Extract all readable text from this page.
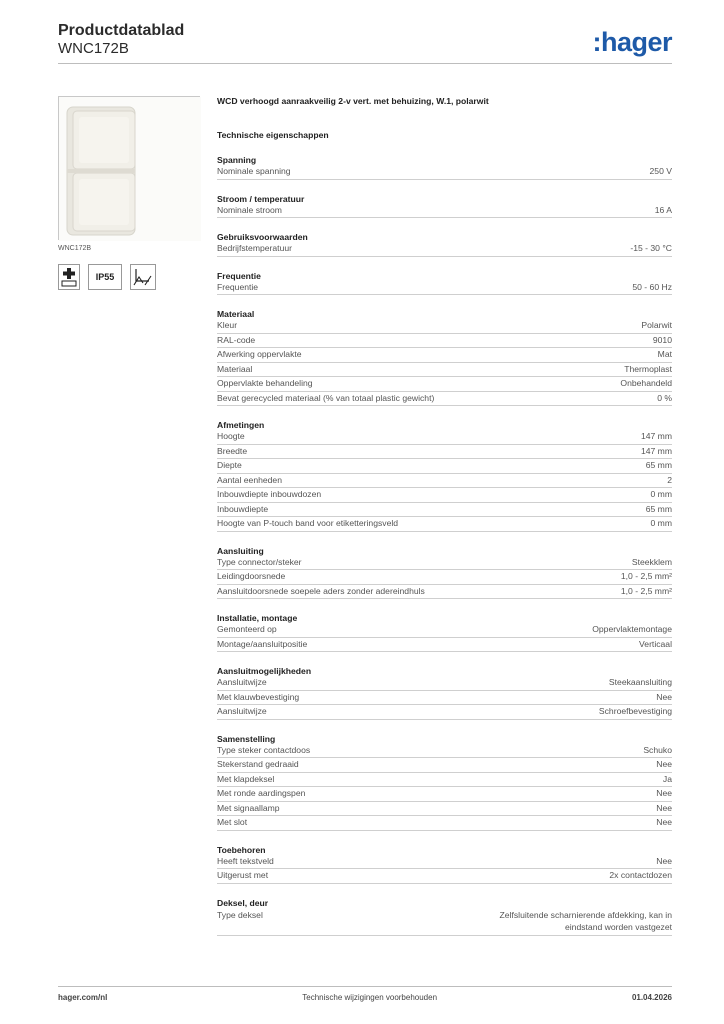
Productdatablad
WNC172B	:hager
WNC172B
IP55
WCD verhoogd aanraakveilig 2-v vert. met behuizing, W.1, polarwit
Technische eigenschappen
Spanning
Nominale spanning	250 V
Stroom / temperatuur
Nominale stroom	16 A
Gebruiksvoorwaarden
Bedrijfstemperatuur	-15 - 30 °C
Frequentie
Frequentie	50 - 60 Hz
Materiaal
Kleur	Polarwit
RAL-code	9010
Afwerking oppervlakte	Mat
Materiaal	Thermoplast
Oppervlakte behandeling	Onbehandeld
Bevat gerecycled materiaal (% van totaal plastic gewicht)	0 %
Afmetingen
Hoogte	147 mm
Breedte	147 mm
Diepte	65 mm
Aantal eenheden	2
Inbouwdiepte inbouwdozen	0 mm
Inbouwdiepte	65 mm
Hoogte van P-touch band voor etiketteringsveld	0 mm
Aansluiting
Type connector/steker	Steekklem
Leidingdoorsnede	1,0 - 2,5 mm²
Aansluitdoorsnede soepele aders zonder adereindhuls	1,0 - 2,5 mm²
Installatie, montage
Gemonteerd op	Oppervlaktemontage
Montage/aansluitpositie	Verticaal
Aansluitmogelijkheden
Aansluitwijze	Steekaansluiting
Met klauwbevestiging	Nee
Aansluitwijze	Schroefbevestiging
Samenstelling
Type steker contactdoos	Schuko
Stekerstand gedraaid	Nee
Met klapdeksel	Ja
Met ronde aardingspen	Nee
Met signaallamp	Nee
Met slot	Nee
Toebehoren
Heeft tekstveld	Nee
Uitgerust met	2x contactdozen
Deksel, deur
Type deksel	Zelfsluitende scharnierende afdekking, kan in
eindstand worden vastgezet
hager.com/nl	Technische wijzigingen voorbehouden	01.04.2026
